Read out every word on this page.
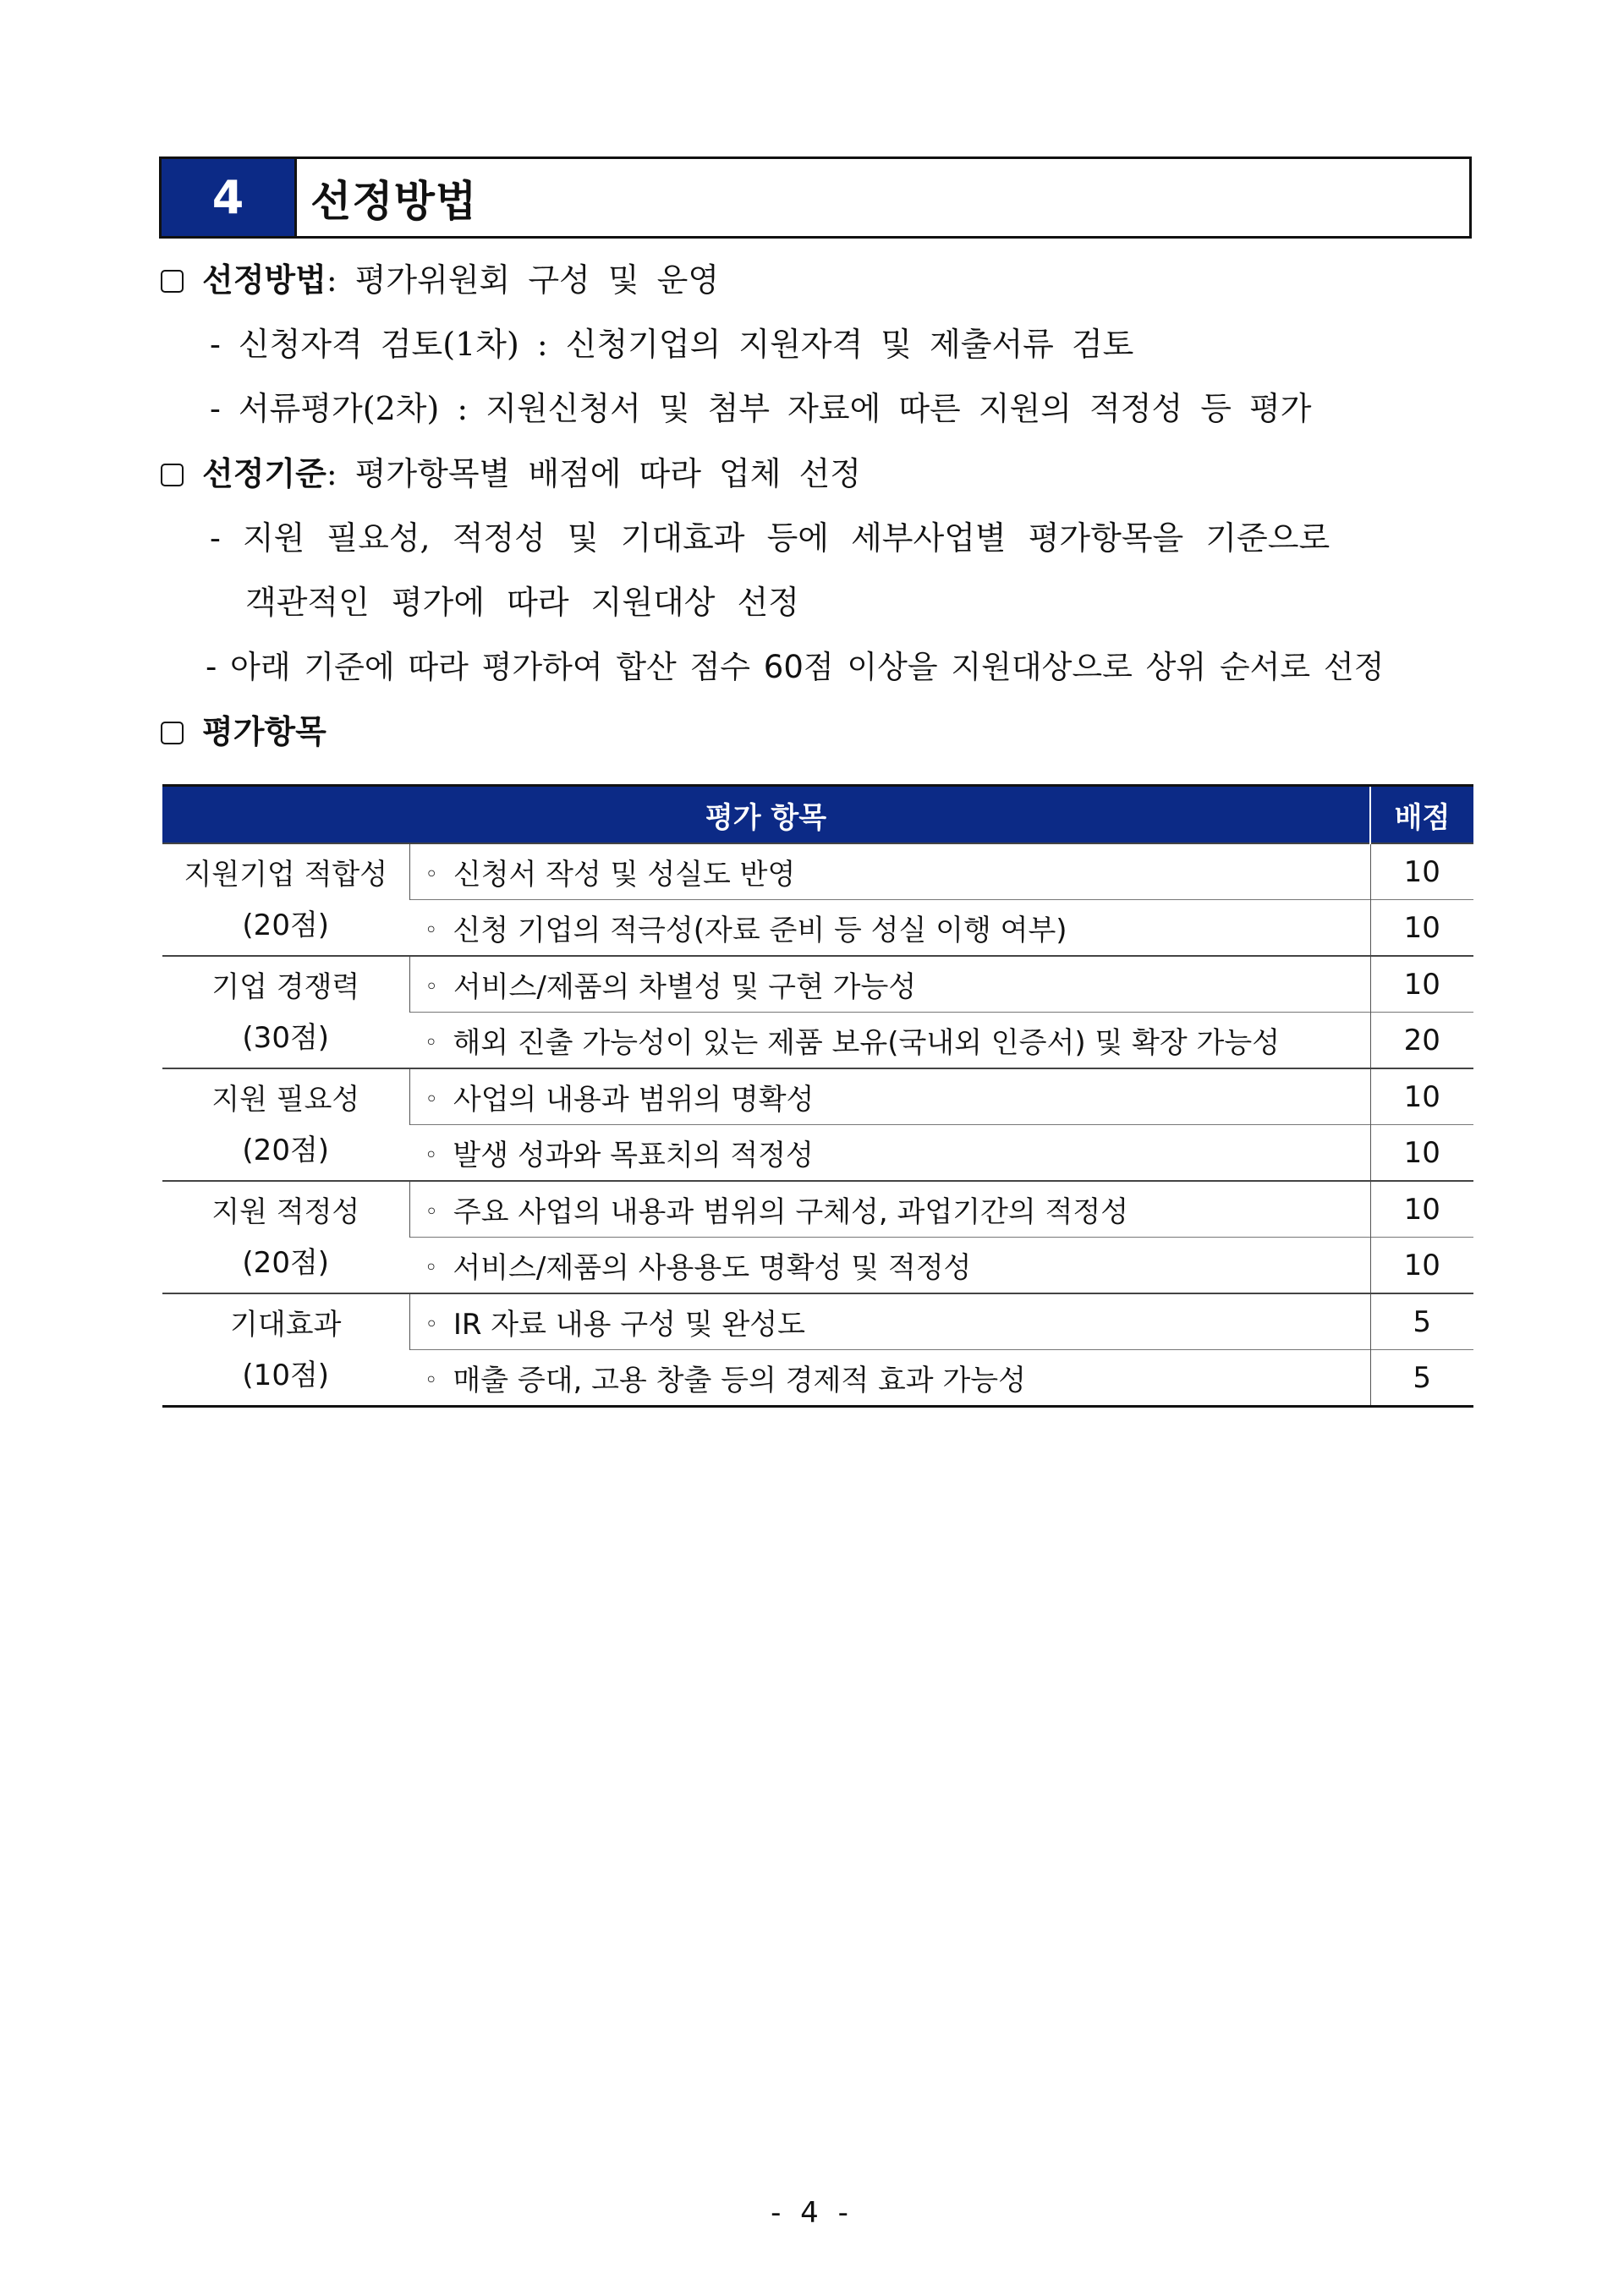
4	선정방법
선정방법: 평가위원회 구성 및 운영
- 신청자격 검토(1차) : 신청기업의 지원자격 및 제출서류 검토
- 서류평가(2차) : 지원신청서 및 첨부 자료에 따른 지원의 적정성 등 평가
선정기준: 평가항목별 배점에 따라 업체 선정
- 지원 필요성, 적정성 및 기대효과 등에 세부사업별 평가항목을 기준으로
객관적인 평가에 따라 지원대상 선정
- 아래 기준에 따라 평가하여 합산 점수 60점 이상을 지원대상으로 상위 순서로 선정
평가항목
평가 항목		배점

지원기업 적합성
(20점)	◦ 신청서 작성 및 성실도 반영	10
	◦ 신청 기업의 적극성(자료 준비 등 성실 이행 여부)	10

기업 경쟁력
(30점)	◦ 서비스/제품의 차별성 및 구현 가능성	10
	◦ 해외 진출 가능성이 있는 제품 보유(국내외 인증서) 및 확장 가능성	20

지원 필요성
(20점)	◦ 사업의 내용과 범위의 명확성	10
	◦ 발생 성과와 목표치의 적정성	10

지원 적정성
(20점)	◦ 주요 사업의 내용과 범위의 구체성, 과업기간의 적정성	10
	◦ 서비스/제품의 사용용도 명확성 및 적정성	10

기대효과
(10점)	◦ IR 자료 내용 구성 및 완성도	5
	◦ 매출 증대, 고용 창출 등의 경제적 효과 가능성	5
- 4 -
